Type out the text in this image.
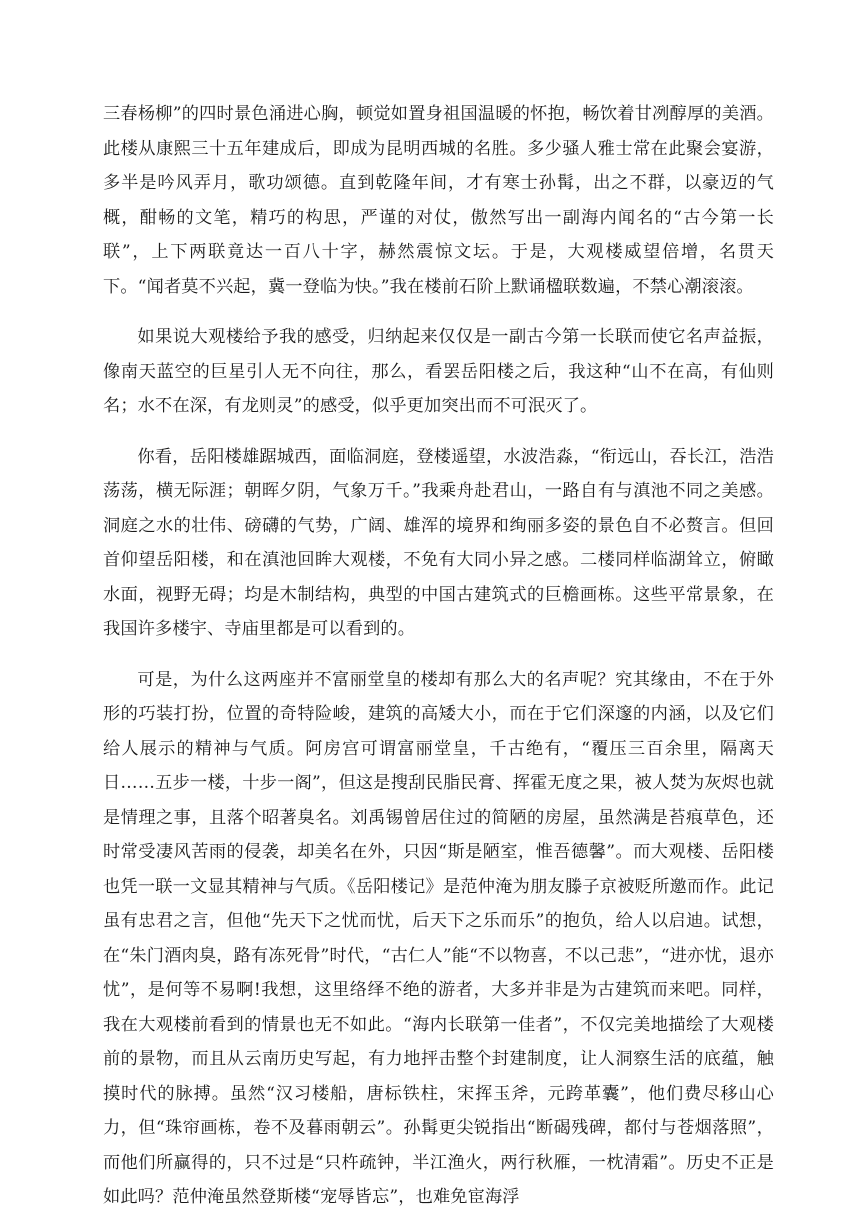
三春杨柳”的四时景色涌进心胸，顿觉如置身祖国温暖的怀抱，畅饮着甘冽醇厚的美酒。此楼从康熙三十五年建成后，即成为昆明西城的名胜。多少骚人雅士常在此聚会宴游，多半是吟风弄月，歌功颂德。直到乾隆年间，才有寒士孙髯，出之不群，以豪迈的气概，酣畅的文笔，精巧的构思，严谨的对仗，傲然写出一副海内闻名的“古今第一长联”，上下两联竟达一百八十字，赫然震惊文坛。于是，大观楼威望倍增，名贯天下。“闻者莫不兴起，冀一登临为快。”我在楼前石阶上默诵楹联数遍，不禁心潮滚滚。

如果说大观楼给予我的感受，归纳起来仅仅是一副古今第一长联而使它名声益振，像南天蓝空的巨星引人无不向往，那么，看罢岳阳楼之后，我这种“山不在高，有仙则名；水不在深，有龙则灵”的感受，似乎更加突出而不可泯灭了。

你看，岳阳楼雄踞城西，面临洞庭，登楼遥望，水波浩淼，“衔远山，吞长江，浩浩荡荡，横无际涯；朝晖夕阴，气象万千。”我乘舟赴君山，一路自有与滇池不同之美感。洞庭之水的壮伟、磅礴的气势，广阔、雄浑的境界和绚丽多姿的景色自不必赘言。但回首仰望岳阳楼，和在滇池回眸大观楼，不免有大同小异之感。二楼同样临湖耸立，俯瞰水面，视野无碍；均是木制结构，典型的中国古建筑式的巨檐画栋。这些平常景象，在我国许多楼宇、寺庙里都是可以看到的。

可是，为什么这两座并不富丽堂皇的楼却有那么大的名声呢？究其缘由，不在于外形的巧装打扮，位置的奇特险峻，建筑的高矮大小，而在于它们深邃的内涵，以及它们给人展示的精神与气质。阿房宫可谓富丽堂皇，千古绝有，“覆压三百余里，隔离天日……五步一楼，十步一阁”，但这是搜刮民脂民膏、挥霍无度之果，被人焚为灰烬也就是情理之事，且落个昭著臭名。刘禹锡曾居住过的简陋的房屋，虽然满是苔痕草色，还时常受凄风苦雨的侵袭，却美名在外，只因“斯是陋室，惟吾德馨”。而大观楼、岳阳楼也凭一联一文显其精神与气质。《岳阳楼记》是范仲淹为朋友滕子京被贬所邀而作。此记虽有忠君之言，但他“先天下之忧而忧，后天下之乐而乐”的抱负，给人以启迪。试想，在“朱门酒肉臭，路有冻死骨”时代，“古仁人”能“不以物喜，不以己悲”，“进亦忧，退亦忧”，是何等不易啊!我想，这里络绎不绝的游者，大多并非是为古建筑而来吧。同样，我在大观楼前看到的情景也无不如此。“海内长联第一佳者”，不仅完美地描绘了大观楼前的景物，而且从云南历史写起，有力地抨击整个封建制度，让人洞察生活的底蕴，触摸时代的脉搏。虽然“汉习楼船，唐标铁柱，宋挥玉斧，元跨革囊”，他们费尽移山心力，但“珠帘画栋，卷不及暮雨朝云”。孙髯更尖锐指出“断碣残碑，都付与苍烟落照”，而他们所赢得的，只不过是“只杵疏钟，半江渔火，两行秋雁，一枕清霜”。历史不正是如此吗？范仲淹虽然登斯楼“宠辱皆忘”，也难免宦海浮
